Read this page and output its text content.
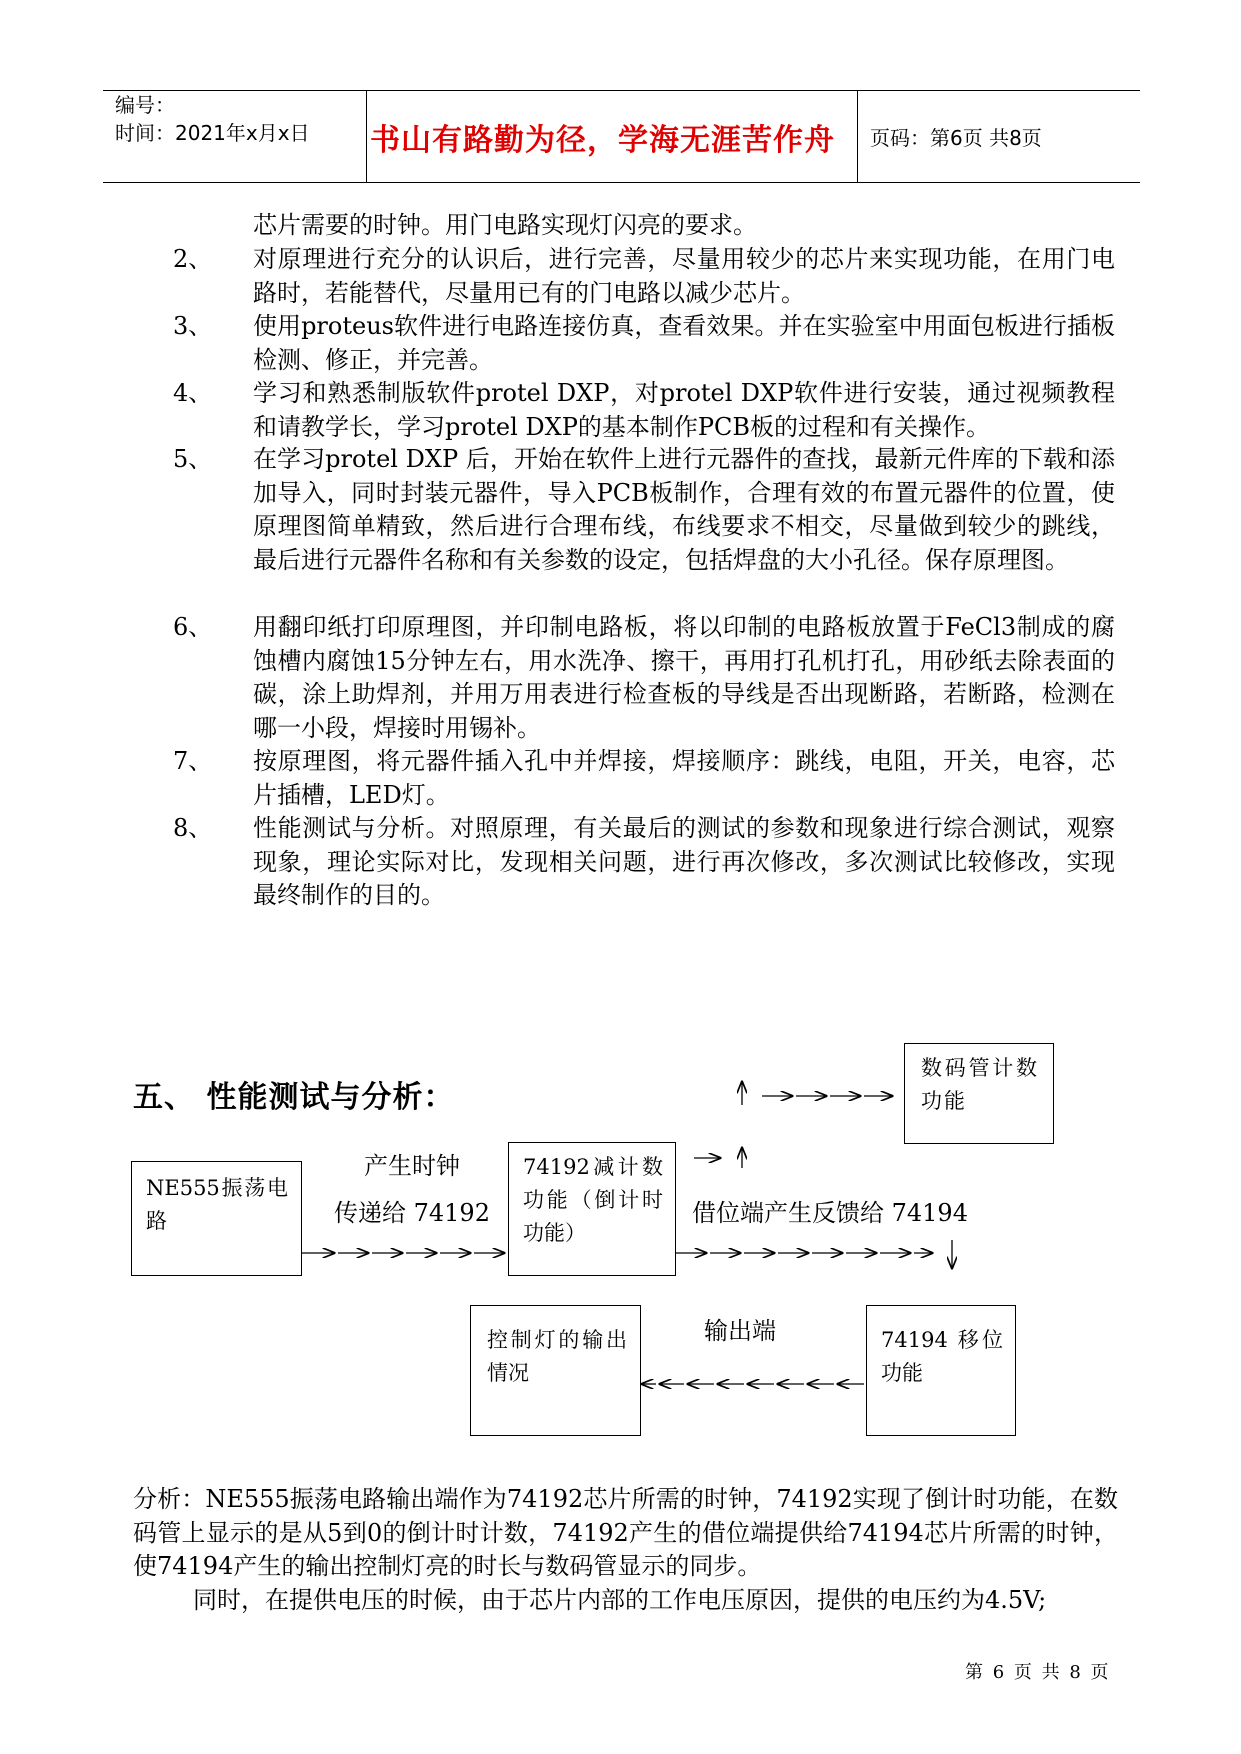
编号：
时间：2021年x月x日 书山有路勤为径，学海无涯苦作舟 页码：第6页 共8页
芯片需要的时钟。用门电路实现灯闪亮的要求。
2、 对原理进行充分的认识后，进行完善，尽量用较少的芯片来实现功能，在用门电路时，若能替代，尽量用已有的门电路以减少芯片。
3、 使用proteus软件进行电路连接仿真，查看效果。并在实验室中用面包板进行插板检测、修正，并完善。
4、 学习和熟悉制版软件protel DXP，对protel DXP软件进行安装，通过视频教程和请教学长，学习protel DXP的基本制作PCB板的过程和有关操作。
5、 在学习protel DXP 后，开始在软件上进行元器件的查找，最新元件库的下载和添加导入，同时封装元器件，导入PCB板制作，合理有效的布置元器件的位置，使原理图简单精致，然后进行合理布线，布线要求不相交，尽量做到较少的跳线，最后进行元器件名称和有关参数的设定，包括焊盘的大小孔径。保存原理图。
6、 用翻印纸打印原理图，并印制电路板，将以印制的电路板放置于FeCl3制成的腐蚀槽内腐蚀15分钟左右，用水洗净、擦干，再用打孔机打孔，用砂纸去除表面的碳，涂上助焊剂，并用万用表进行检查板的导线是否出现断路，若断路，检测在哪一小段，焊接时用锡补。
7、 按原理图，将元器件插入孔中并焊接，焊接顺序：跳线，电阻，开关，电容，芯片插槽，LED灯。
8、 性能测试与分析。对照原理，有关最后的测试的参数和现象进行综合测试，观察现象，理论实际对比，发现相关问题，进行再次修改，多次测试比较修改，实现最终制作的目的。
五、 性能测试与分析：
NE555振荡电路
74192减计数功能（倒计时功能）
数码管计数功能
74194 移位功能
控制灯的输出情况
产生时钟
传递给 74192	借位端产生反馈给 74194
输出端
分析：NE555振荡电路输出端作为74192芯片所需的时钟，74192实现了倒计时功能，在数码管上显示的是从5到0的倒计时计数，74192产生的借位端提供给74194芯片所需的时钟，使74194产生的输出控制灯亮的时长与数码管显示的同步。
同时，在提供电压的时候，由于芯片内部的工作电压原因，提供的电压约为4.5V;
第 6 页 共 8 页
